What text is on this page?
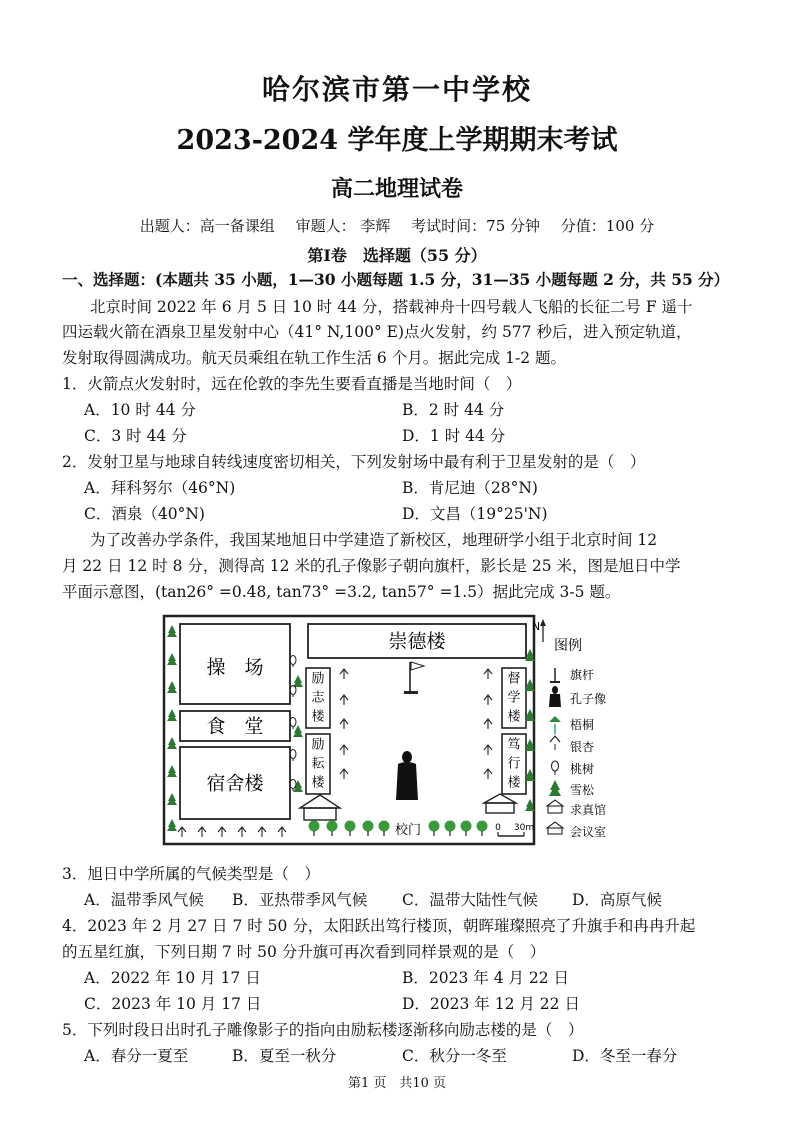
哈尔滨市第一中学校
2023-2024 学年度上学期期末考试
高二地理试卷
出题人：高一备课组 审题人： 李辉 考试时间：75 分钟 分值：100 分
第Ⅰ卷　选择题（55 分）
一、选择题：(本题共 35 小题，1—30 小题每题 1.5 分，31—35 小题每题 2 分，共 55 分）
北京时间 2022 年 6 月 5 日 10 时 44 分，搭载神舟十四号载人飞船的长征二号 F 遥十
四运载火箭在酒泉卫星发射中心（41° N,100° E)点火发射，约 577 秒后，进入预定轨道，
发射取得圆满成功。航天员乘组在轨工作生活 6 个月。据此完成 1-2 题。
1．火箭点火发射时，远在伦敦的李先生要看直播是当地时间（　）
A．10 时 44 分	B．2 时 44 分
C．3 时 44 分	D．1 时 44 分
2．发射卫星与地球自转线速度密切相关，下列发射场中最有利于卫星发射的是（　）
A．拜科努尔（46°N)	B．肯尼迪（28°N)
C．酒泉（40°N)	D．文昌（19°25'N)
为了改善办学条件，我国某地旭日中学建造了新校区，地理研学小组于北京时间 12
月 22 日 12 时 8 分，测得高 12 米的孔子像影子朝向旗杆，影长是 25 米，图是旭日中学
平面示意图，(tan26° =0.48, tan73° =3.2, tan57° =1.5）据此完成 3-5 题。
操　场
食　堂
宿舍楼
崇德楼
励
志
楼
励
耘
楼
督
学
楼
笃
行
楼
校门	0 30m
N
图例
旗杆
孔子像
梧桐
银杏
桃树
雪松
求真馆
会议室
3．旭日中学所属的气候类型是（　）
A．温带季风气候 B．亚热带季风气候 C．温带大陆性气候 D．高原气候
4．2023 年 2 月 27 日 7 时 50 分，太阳跃出笃行楼顶，朝晖璀璨照亮了升旗手和冉冉升起
的五星红旗，下列日期 7 时 50 分升旗可再次看到同样景观的是（　）
A．2022 年 10 月 17 日	B．2023 年 4 月 22 日
C．2023 年 10 月 17 日	D．2023 年 12 月 22 日
5．下列时段日出时孔子雕像影子的指向由励耘楼逐渐移向励志楼的是（　）
A．春分一夏至	B．夏至一秋分	C．秋分一冬至	D．冬至一春分
第1 页　共10 页
